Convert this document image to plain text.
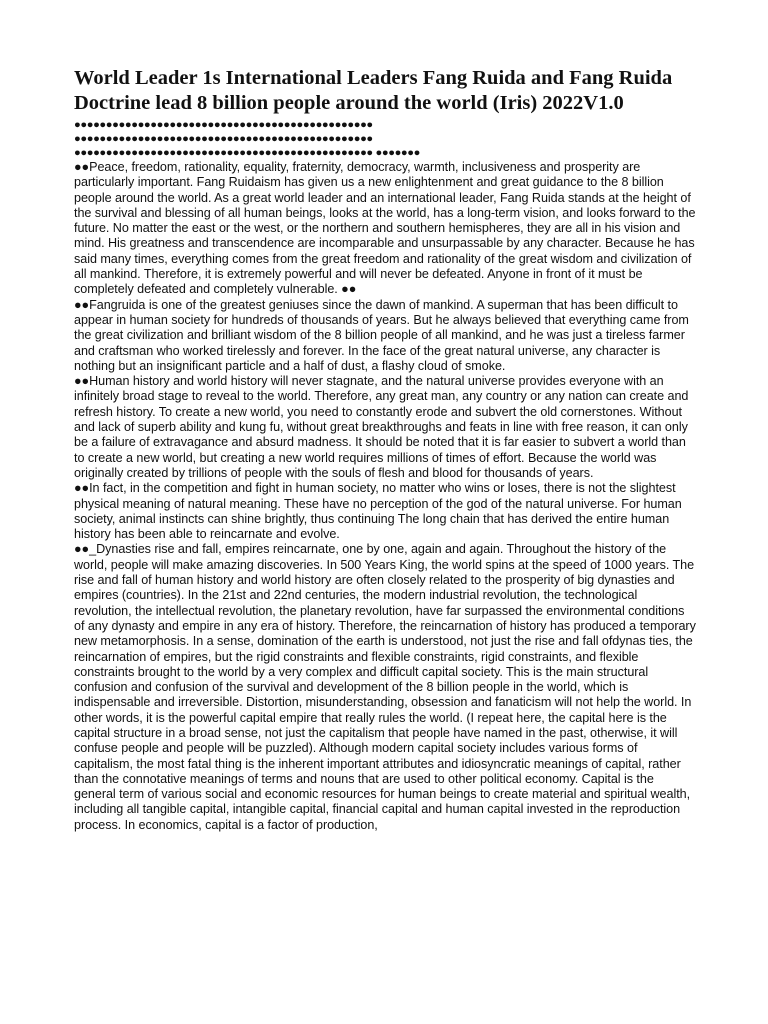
World Leader 1s International Leaders Fang Ruida and Fang Ruida Doctrine lead 8 billion people around the world (Iris) 2022V1.0
●●●●●●●●●●●●●●●●●●●●●●●●●●●●●●●●●●●●●●●●●●●●●●●
●●●●●●●●●●●●●●●●●●●●●●●●●●●●●●●●●●●●●●●●●●●●●●●
●●●●●●●●●●●●●●●●●●●●●●●●●●●●●●●●●●●●●●●●●●●●●●● ●●●●●●●

●●Peace, freedom, rationality, equality, fraternity, democracy, warmth, inclusiveness and prosperity are particularly important. Fang Ruidaism has given us a new enlightenment and great guidance to the 8 billion people around the world. As a great world leader and an international leader, Fang Ruida stands at the height of the survival and blessing of all human beings, looks at the world, has a long-term vision, and looks forward to the future. No matter the east or the west, or the northern and southern hemispheres, they are all in his vision and mind. His greatness and transcendence are incomparable and unsurpassable by any character. Because he has said many times, everything comes from the great freedom and rationality of the great wisdom and civilization of all mankind. Therefore, it is extremely powerful and will never be defeated. Anyone in front of it must be completely defeated and completely vulnerable. ●●

●●Fangruida is one of the greatest geniuses since the dawn of mankind. A superman that has been difficult to appear in human society for hundreds of thousands of years. But he always believed that everything came from the great civilization and brilliant wisdom of the 8 billion people of all mankind, and he was just a tireless farmer and craftsman who worked tirelessly and forever. In the face of the great natural universe, any character is nothing but an insignificant particle and a half of dust, a flashy cloud of smoke.

●●Human history and world history will never stagnate, and the natural universe provides everyone with an infinitely broad stage to reveal to the world. Therefore, any great man, any country or any nation can create and refresh history. To create a new world, you need to constantly erode and subvert the old cornerstones. Without and lack of superb ability and kung fu, without great breakthroughs and feats in line with free reason, it can only be a failure of extravagance and absurd madness. It should be noted that it is far easier to subvert a world than to create a new world, but creating a new world requires millions of times of effort. Because the world was originally created by trillions of people with the souls of flesh and blood for thousands of years.

●●In fact, in the competition and fight in human society, no matter who wins or loses, there is not the slightest physical meaning of natural meaning. These have no perception of the god of the natural universe. For human society, animal instincts can shine brightly, thus continuing The long chain that has derived the entire human history has been able to reincarnate and evolve.

●●_Dynasties rise and fall, empires reincarnate, one by one, again and again. Throughout the history of the world, people will make amazing discoveries. In 500 Years King, the world spins at the speed of 1000 years. The rise and fall of human history and world history are often closely related to the prosperity of big dynasties and empires (countries). In the 21st and 22nd centuries, the modern industrial revolution, the technological revolution, the intellectual revolution, the planetary revolution, have far surpassed the environmental conditions of any dynasty and empire in any era of history. Therefore, the reincarnation of history has produced a temporary new metamorphosis. In a sense, domination of the earth is understood, not just the rise and fall ofdynas ties, the reincarnation of empires, but the rigid constraints and flexible constraints, rigid constraints, and flexible constraints brought to the world by a very complex and difficult capital society. This is the main structural confusion and confusion of the survival and development of the 8 billion people in the world, which is indispensable and irreversible. Distortion, misunderstanding, obsession and fanaticism will not help the world. In other words, it is the powerful capital empire that really rules the world. (I repeat here, the capital here is the capital structure in a broad sense, not just the capitalism that people have named in the past, otherwise, it will confuse people and people will be puzzled). Although modern capital society includes various forms of capitalism, the most fatal thing is the inherent important attributes and idiosyncratic meanings of capital, rather than the connotative meanings of terms and nouns that are used to other political economy. Capital is the general term of various social and economic resources for human beings to create material and spiritual wealth, including all tangible capital, intangible capital, financial capital and human capital invested in the reproduction process. In economics, capital is a factor of production,
